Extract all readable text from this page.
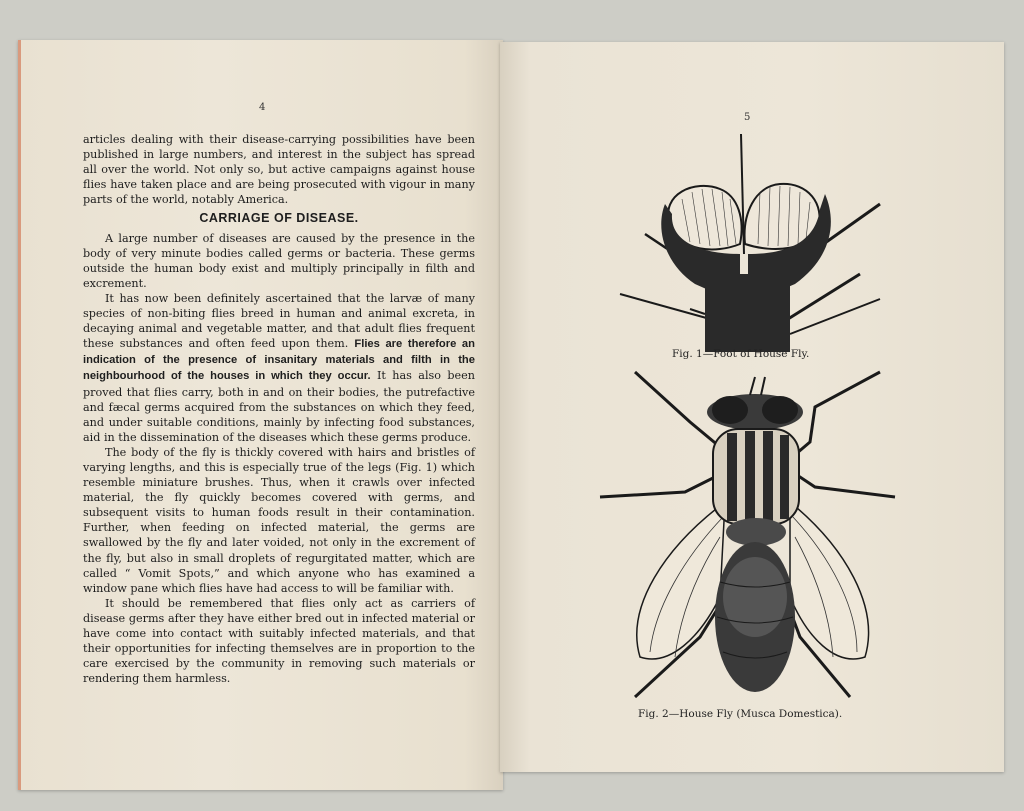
4

articles dealing with their disease-carrying possibilities have been published in large numbers, and interest in the subject has spread all over the world. Not only so, but active campaigns against house flies have taken place and are being prosecuted with vigour in many parts of the world, notably America.

CARRIAGE OF DISEASE.

A large number of diseases are caused by the presence in the body of very minute bodies called germs or bacteria. These germs outside the human body exist and multiply principally in filth and excrement.

It has now been definitely ascertained that the larvæ of many species of non-biting flies breed in human and animal excreta, in decaying animal and vegetable matter, and that adult flies frequent these substances and often feed upon them. Flies are therefore an indication of the presence of insanitary materials and filth in the neighbourhood of the houses in which they occur. It has also been proved that flies carry, both in and on their bodies, the putrefactive and fæcal germs acquired from the substances on which they feed, and under suitable conditions, mainly by infecting food substances, aid in the dissemination of the diseases which these germs produce.

The body of the fly is thickly covered with hairs and bristles of varying lengths, and this is especially true of the legs (Fig. 1) which resemble miniature brushes. Thus, when it crawls over infected material, the fly quickly becomes covered with germs, and subsequent visits to human foods result in their contamination. Further, when feeding on infected material, the germs are swallowed by the fly and later voided, not only in the excrement of the fly, but also in small droplets of regurgitated matter, which are called “ Vomit Spots,” and which anyone who has examined a window pane which flies have had access to will be familiar with.

It should be remembered that flies only act as carriers of disease germs after they have either bred out in infected material or have come into contact with suitably infected materials, and that their opportunities for infecting themselves are in proportion to the care exercised by the community in removing such materials or rendering them harmless.

5
Fig. 1—Foot of House Fly.
Fig. 2—House Fly (Musca Domestica).
